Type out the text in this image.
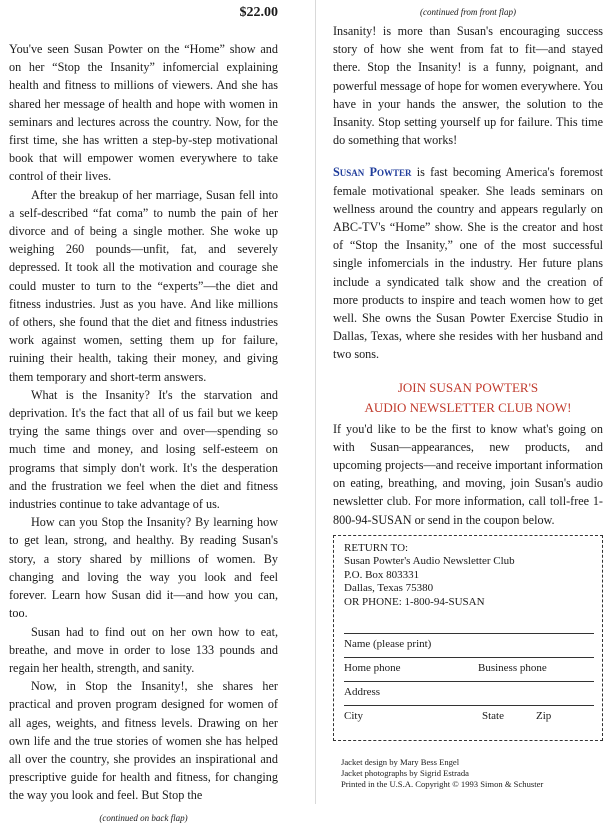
$22.00

You've seen Susan Powter on the “Home” show and on her “Stop the Insanity” infomercial explaining health and fitness to millions of viewers. And she has shared her message of health and hope with women in seminars and lectures across the country. Now, for the first time, she has written a step-by-step motivational book that will empower women everywhere to take control of their lives.

After the breakup of her marriage, Susan fell into a self-described “fat coma” to numb the pain of her divorce and of being a single mother. She woke up weighing 260 pounds—unfit, fat, and severely depressed. It took all the motivation and courage she could muster to turn to the “experts”—the diet and fitness industries. Just as you have. And like millions of others, she found that the diet and fitness industries work against women, setting them up for failure, ruining their health, taking their money, and giving them temporary and short-term answers.

What is the Insanity? It's the starvation and deprivation. It's the fact that all of us fail but we keep trying the same things over and over—spending so much time and money, and losing self-esteem on programs that simply don't work. It's the desperation and the frustration we feel when the diet and fitness industries continue to take advantage of us.

How can you Stop the Insanity? By learning how to get lean, strong, and healthy. By reading Susan's story, a story shared by millions of women. By changing and loving the way you look and feel forever. Learn how Susan did it—and how you can, too.

Susan had to find out on her own how to eat, breathe, and move in order to lose 133 pounds and regain her health, strength, and sanity.

Now, in Stop the Insanity!, she shares her practical and proven program designed for women of all ages, weights, and fitness levels. Drawing on her own life and the true stories of women she has helped all over the country, she provides an inspirational and prescriptive guide for health and fitness, for changing the way you look and feel. But Stop the

(continued on back flap)
(continued from front flap)

Insanity! is more than Susan's encouraging success story of how she went from fat to fit—and stayed there. Stop the Insanity! is a funny, poignant, and powerful message of hope for women everywhere. You have in your hands the answer, the solution to the Insanity. Stop setting yourself up for failure. This time do something that works!

Susan Powter is fast becoming America's foremost female motivational speaker. She leads seminars on wellness around the country and appears regularly on ABC-TV's “Home” show. She is the creator and host of “Stop the Insanity,” one of the most successful single infomercials in the industry. Her future plans include a syndicated talk show and the creation of more products to inspire and teach women how to get well. She owns the Susan Powter Exercise Studio in Dallas, Texas, where she resides with her husband and two sons.

JOIN SUSAN POWTER'S
AUDIO NEWSLETTER CLUB NOW!

If you'd like to be the first to know what's going on with Susan—appearances, new products, and upcoming projects—and receive important information on eating, breathing, and moving, join Susan's audio newsletter club. For more information, call toll-free 1-800-94-SUSAN or send in the coupon below.

RETURN TO:
Susan Powter's Audio Newsletter Club
P.O. Box 803331
Dallas, Texas 75380
OR PHONE: 1-800-94-SUSAN
Name (please print)
Home phone	Business phone
Address
City	State	Zip
Jacket design by Mary Bess Engel
Jacket photographs by Sigrid Estrada
Printed in the U.S.A. Copyright © 1993 Simon & Schuster
